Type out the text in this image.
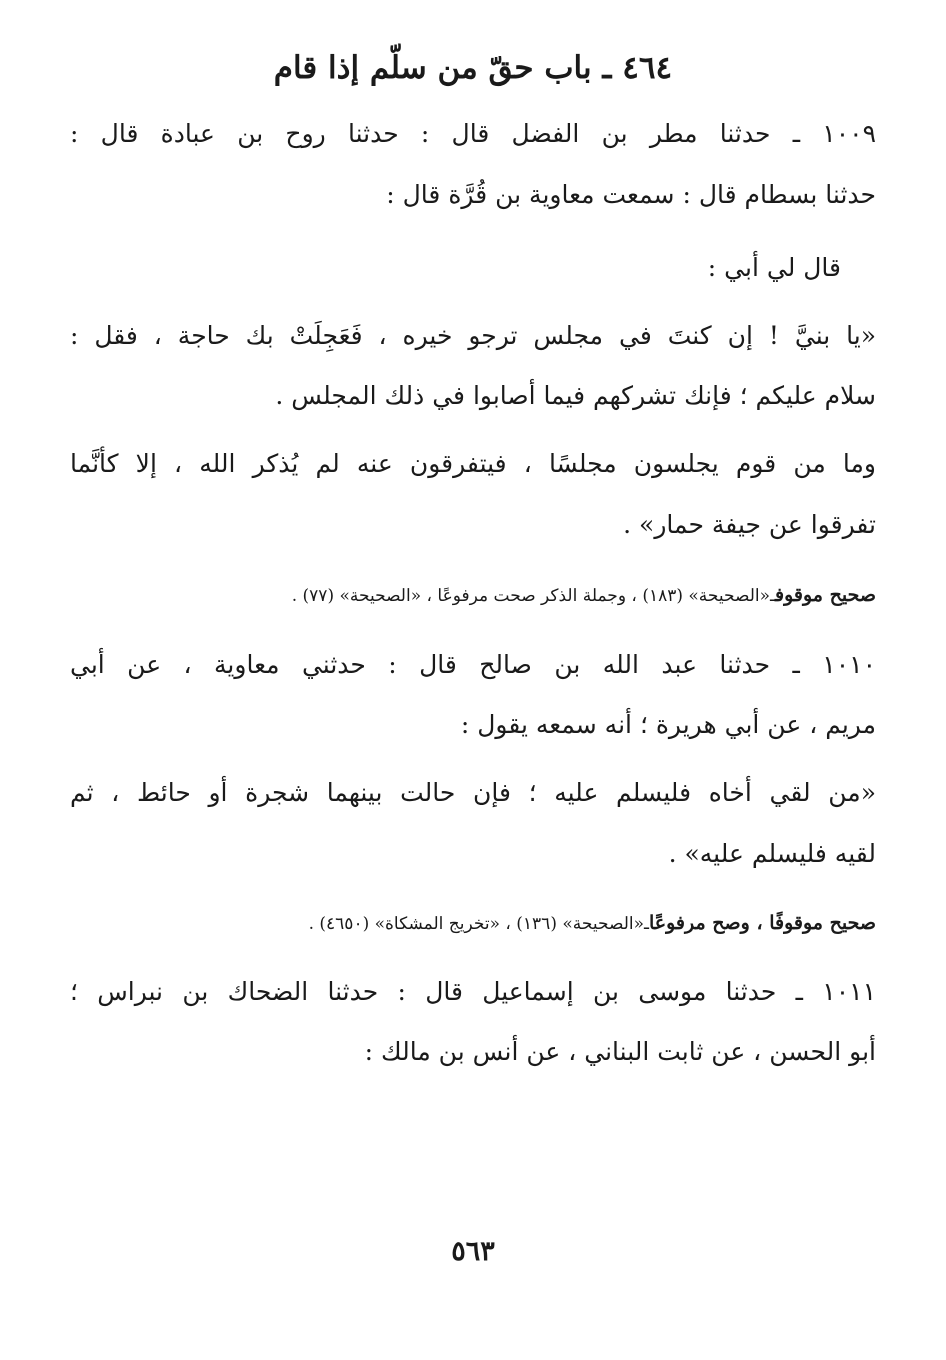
٤٦٤ ـ باب حقّ من سلّم إذا قام
١٠٠٩ ـ حدثنا مطر بن الفضل قال : حدثنا روح بن عبادة قال :
حدثنا بسطام قال : سمعت معاوية بن قُرَّة قال :
قال لي أبي :
«يا بنيَّ ! إن كنتَ في مجلس ترجو خيره ، فَعَجِلَتْ بك حاجة ، فقل :
سلام عليكم ؛ فإنك تشركهم فيما أصابوا في ذلك المجلس .
وما من قوم يجلسون مجلسًا ، فيتفرقون عنه لم يُذكر الله ، إلا كأنَّما
تفرقوا عن جيفة حمار» .
صحيح موقوفـ«الصحيحة» (١٨٣) ، وجملة الذكر صحت مرفوعًا ، «الصحيحة» (٧٧) .
١٠١٠ ـ حدثنا عبد الله بن صالح قال : حدثني معاوية ، عن أبي
مريم ، عن أبي هريرة ؛ أنه سمعه يقول :
«من لقي أخاه فليسلم عليه ؛ فإن حالت بينهما شجرة أو حائط ، ثم
لقيه فليسلم عليه» .
صحيح موقوفًا ، وصح مرفوعًاـ«الصحيحة» (١٣٦) ، «تخريج المشكاة» (٤٦٥٠) .
١٠١١ ـ حدثنا موسى بن إسماعيل قال : حدثنا الضحاك بن نبراس ؛
أبو الحسن ، عن ثابت البناني ، عن أنس بن مالك :
٥٦٣
